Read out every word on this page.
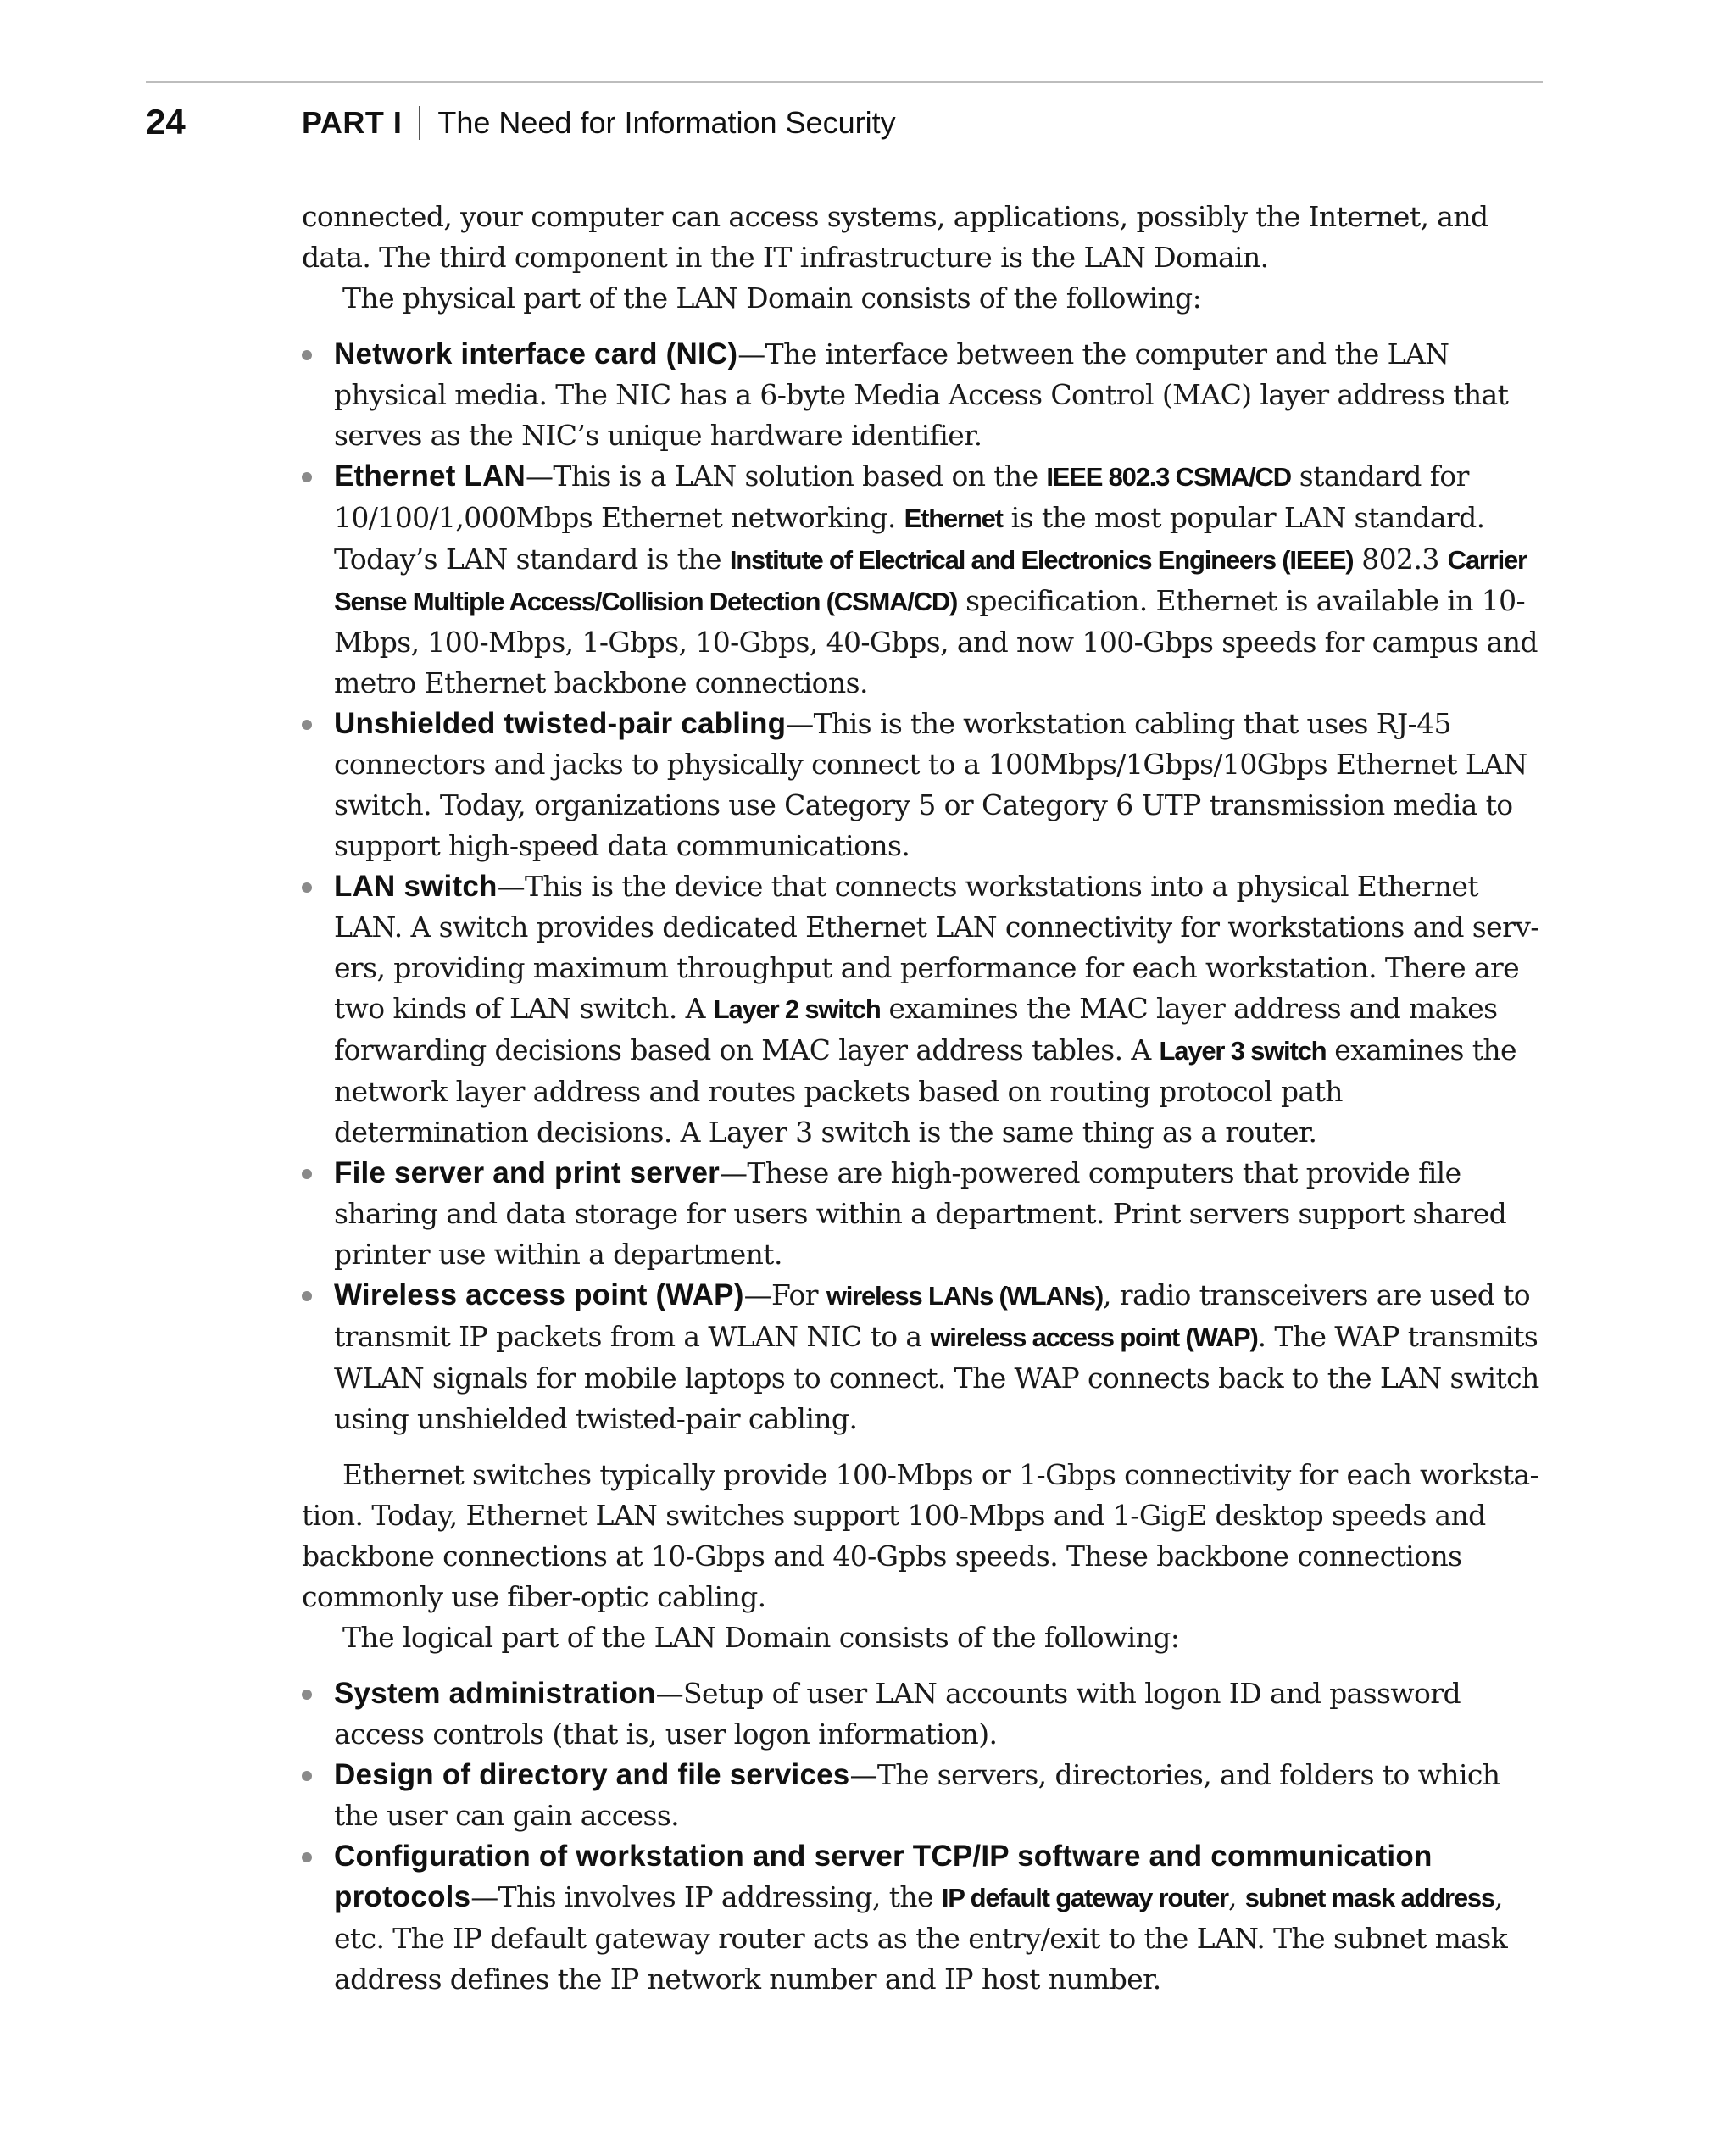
24	PART I The Need for Information Security

connected, your computer can access systems, applications, possibly the Internet, and data. The third component in the IT infrastructure is the LAN Domain.

The physical part of the LAN Domain consists of the following:

Network interface card (NIC)—The interface between the computer and the LAN physical media. The NIC has a 6-byte Media Access Control (MAC) layer address that serves as the NIC’s unique hardware identifier.
Ethernet LAN—This is a LAN solution based on the IEEE 802.3 CSMA/CD standard for 10/100/1,000Mbps Ethernet networking. Ethernet is the most popular LAN standard. Today’s LAN standard is the Institute of Electrical and Electronics Engineers (IEEE) 802.3 Carrier Sense Multiple Access/Collision Detection (CSMA/CD) specification. Ethernet is available in 10-Mbps, 100-Mbps, 1-Gbps, 10-Gbps, 40-Gbps, and now 100-Gbps speeds for campus and metro Ethernet backbone connections.
Unshielded twisted-pair cabling—This is the workstation cabling that uses RJ-45 connectors and jacks to physically connect to a 100Mbps/1Gbps/10Gbps Ethernet LAN switch. Today, organizations use Category 5 or Category 6 UTP transmission media to support high-speed data communications.
LAN switch—This is the device that connects workstations into a physical Ethernet LAN. A switch provides dedicated Ethernet LAN connectivity for workstations and servers, providing maximum throughput and performance for each workstation. There are two kinds of LAN switch. A Layer 2 switch examines the MAC layer address and makes forwarding decisions based on MAC layer address tables. A Layer 3 switch examines the network layer address and routes packets based on routing protocol path determination decisions. A Layer 3 switch is the same thing as a router.
File server and print server—These are high-powered computers that provide file sharing and data storage for users within a department. Print servers support shared printer use within a department.
Wireless access point (WAP)—For wireless LANs (WLANs), radio transceivers are used to transmit IP packets from a WLAN NIC to a wireless access point (WAP). The WAP transmits WLAN signals for mobile laptops to connect. The WAP connects back to the LAN switch using unshielded twisted-pair cabling.

Ethernet switches typically provide 100-Mbps or 1-Gbps connectivity for each workstation. Today, Ethernet LAN switches support 100-Mbps and 1-GigE desktop speeds and backbone connections at 10-Gbps and 40-Gpbs speeds. These backbone connections commonly use fiber-optic cabling.

The logical part of the LAN Domain consists of the following:

System administration—Setup of user LAN accounts with logon ID and password access controls (that is, user logon information).
Design of directory and file services—The servers, directories, and folders to which the user can gain access.
Configuration of workstation and server TCP/IP software and communication protocols—This involves IP addressing, the IP default gateway router, subnet mask address, etc. The IP default gateway router acts as the entry/exit to the LAN. The subnet mask address defines the IP network number and IP host number.
